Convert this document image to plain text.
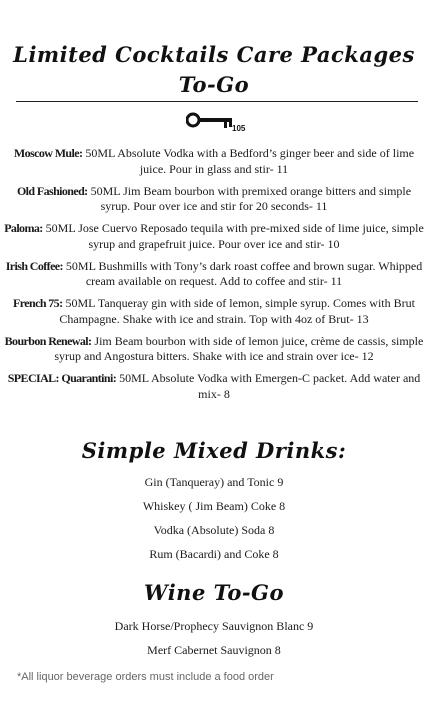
Limited Cocktails Care Packages
To-Go
105
Moscow Mule: 50ML Absolute Vodka with a Bedford’s ginger beer and side of lime juice. Pour in glass and stir- 11
Old Fashioned: 50ML Jim Beam bourbon with premixed orange bitters and simple syrup. Pour over ice and stir for 20 seconds- 11
Paloma: 50ML Jose Cuervo Reposado tequila with pre-mixed side of lime juice, simple syrup and grapefruit juice. Pour over ice and stir- 10
Irish Coffee: 50ML Bushmills with Tony’s dark roast coffee and brown sugar. Whipped cream available on request. Add to coffee and stir- 11
French 75: 50ML Tanqueray gin with side of lemon, simple syrup. Comes with Brut Champagne. Shake with ice and strain. Top with 4oz of Brut- 13
Bourbon Renewal: Jim Beam bourbon with side of lemon juice, crème de cassis, simple syrup and Angostura bitters. Shake with ice and strain over ice- 12
SPECIAL: Quarantini: 50ML Absolute Vodka with Emergen-C packet. Add water and mix- 8
Simple Mixed Drinks:
Gin (Tanqueray) and Tonic 9
Whiskey ( Jim Beam) Coke 8
Vodka (Absolute) Soda 8
Rum (Bacardi) and Coke 8
Wine To-Go
Dark Horse/Prophecy Sauvignon Blanc 9
Merf Cabernet Sauvignon 8
*All liquor beverage orders must include a food order
